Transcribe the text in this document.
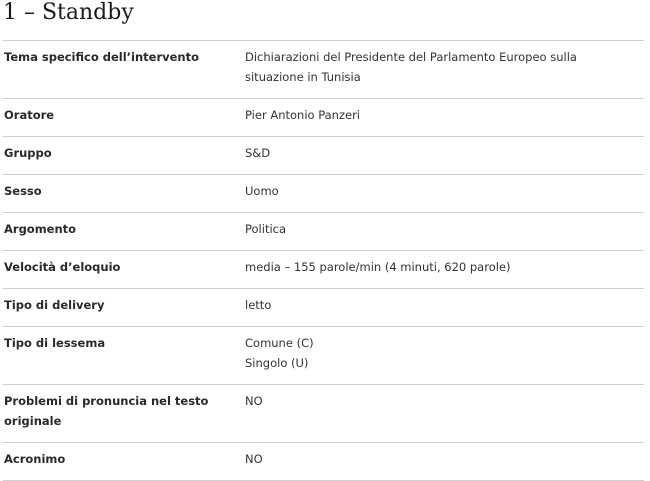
1 – Standby
Tema specifico dell’intervento	Dichiarazioni del Presidente del Parlamento Europeo sulla situazione in Tunisia

Oratore	Pier Antonio Panzeri

Gruppo	S&D

Sesso	Uomo

Argomento	Politica

Velocità d’eloquio	media – 155 parole/min (4 minuti, 620 parole)

Tipo di delivery	letto

Tipo di lessema	Comune (C)
Singolo (U)

Problemi di pronuncia nel testo originale	NO

Acronimo	NO
